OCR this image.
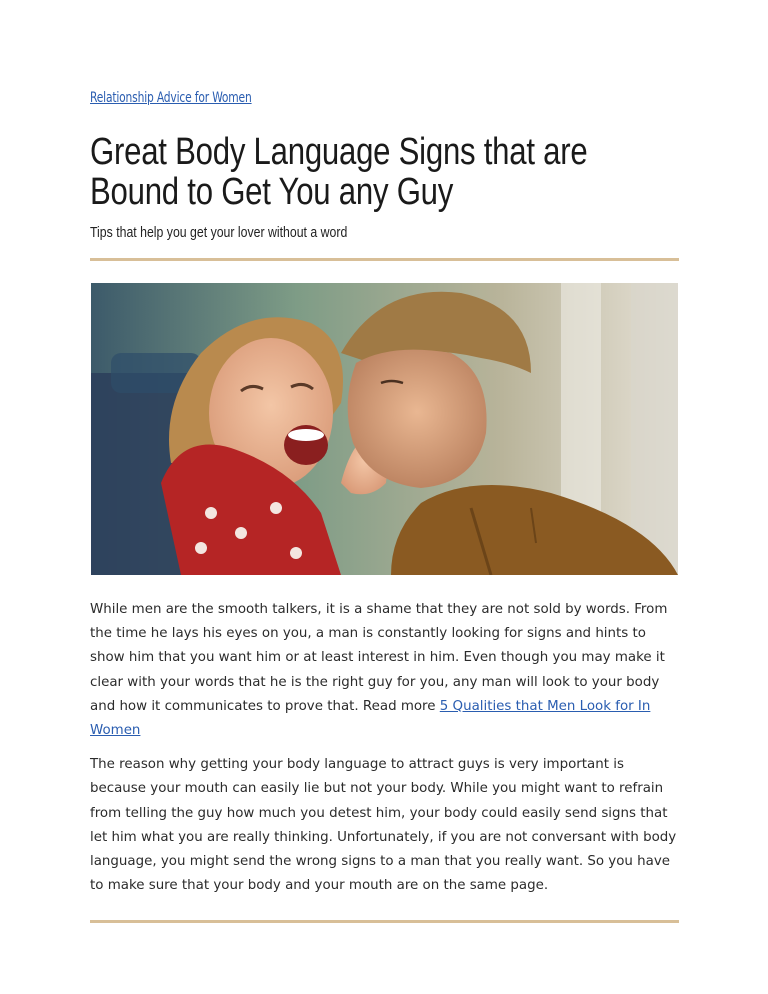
Relationship Advice for Women
Great Body Language Signs that are Bound to Get You any Guy
Tips that help you get your lover without a word

While men are the smooth talkers, it is a shame that they are not sold by words. From the time he lays his eyes on you, a man is constantly looking for signs and hints to show him that you want him or at least interest in him. Even though you may make it clear with your words that he is the right guy for you, any man will look to your body and how it communicates to prove that. Read more 5 Qualities that Men Look for In Women

The reason why getting your body language to attract guys is very important is because your mouth can easily lie but not your body. While you might want to refrain from telling the guy how much you detest him, your body could easily send signs that let him what you are really thinking. Unfortunately, if you are not conversant with body language, you might send the wrong signs to a man that you really want. So you have to make sure that your body and your mouth are on the same page.
